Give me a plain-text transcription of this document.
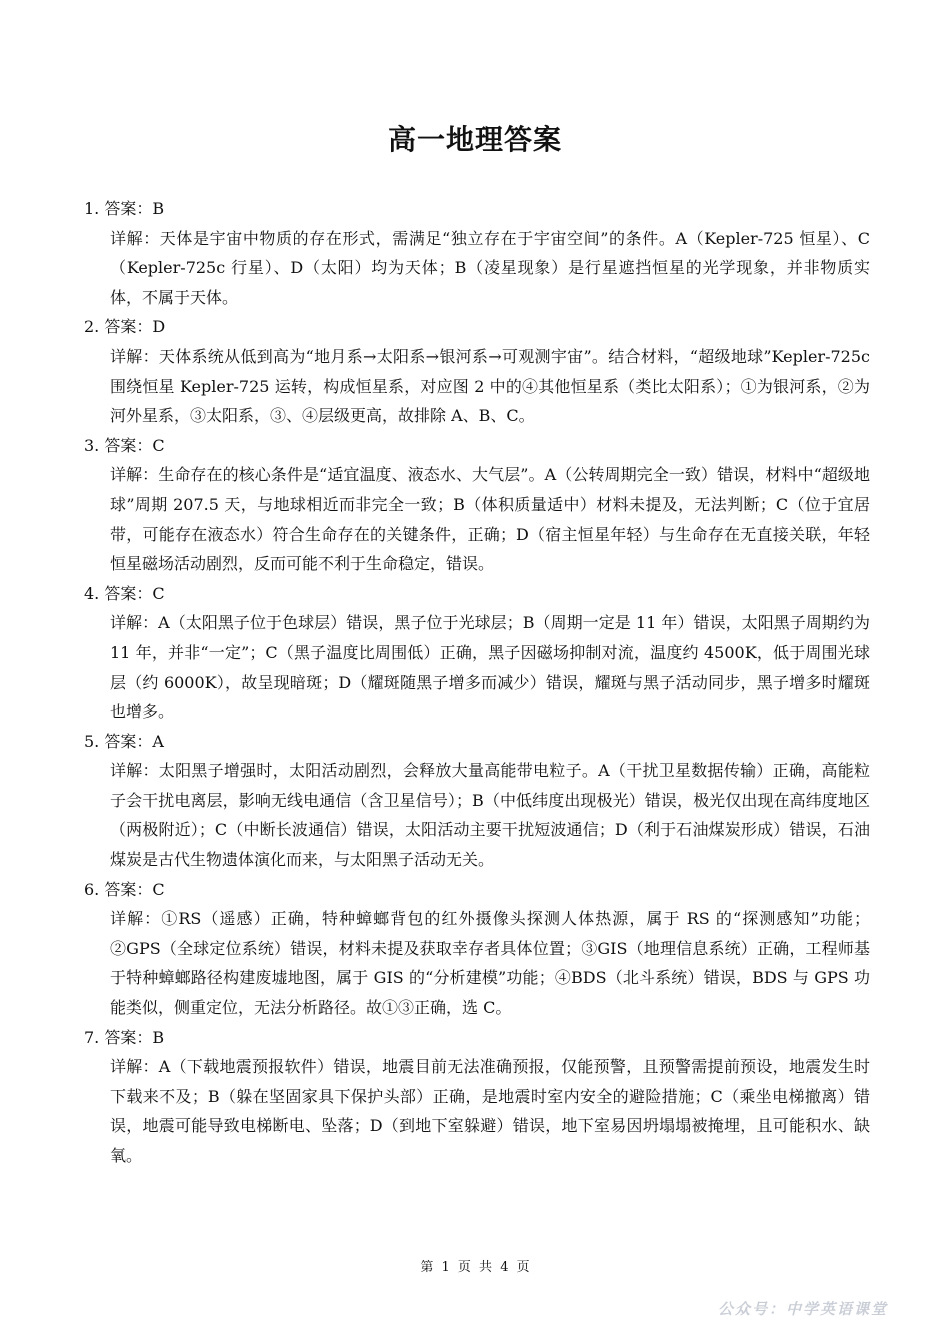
高一地理答案
1. 答案：B
详解：天体是宇宙中物质的存在形式，需满足“独立存在于宇宙空间”的条件。A（Kepler-725 恒星）、C（Kepler-725c 行星）、D（太阳）均为天体；B（凌星现象）是行星遮挡恒星的光学现象，并非物质实体，不属于天体。
2. 答案：D
详解：天体系统从低到高为“地月系→太阳系→银河系→可观测宇宙”。结合材料，“超级地球”Kepler-725c 围绕恒星 Kepler-725 运转，构成恒星系，对应图 2 中的④其他恒星系（类比太阳系）；①为银河系，②为河外星系，③太阳系，③、④层级更高，故排除 A、B、C。
3. 答案：C
详解：生命存在的核心条件是“适宜温度、液态水、大气层”。A（公转周期完全一致）错误，材料中“超级地球”周期 207.5 天，与地球相近而非完全一致；B（体积质量适中）材料未提及，无法判断；C（位于宜居带，可能存在液态水）符合生命存在的关键条件，正确；D（宿主恒星年轻）与生命存在无直接关联，年轻恒星磁场活动剧烈，反而可能不利于生命稳定，错误。
4. 答案：C
详解：A（太阳黑子位于色球层）错误，黑子位于光球层；B（周期一定是 11 年）错误，太阳黑子周期约为 11 年，并非“一定”；C（黑子温度比周围低）正确，黑子因磁场抑制对流，温度约 4500K，低于周围光球层（约 6000K），故呈现暗斑；D（耀斑随黑子增多而减少）错误，耀斑与黑子活动同步，黑子增多时耀斑也增多。
5. 答案：A
详解：太阳黑子增强时，太阳活动剧烈，会释放大量高能带电粒子。A（干扰卫星数据传输）正确，高能粒子会干扰电离层，影响无线电通信（含卫星信号）；B（中低纬度出现极光）错误，极光仅出现在高纬度地区（两极附近）；C（中断长波通信）错误，太阳活动主要干扰短波通信；D（利于石油煤炭形成）错误，石油煤炭是古代生物遗体演化而来，与太阳黑子活动无关。
6. 答案：C
详解：①RS（遥感）正确，特种蟑螂背包的红外摄像头探测人体热源，属于 RS 的“探测感知”功能；②GPS（全球定位系统）错误，材料未提及获取幸存者具体位置；③GIS（地理信息系统）正确，工程师基于特种蟑螂路径构建废墟地图，属于 GIS 的“分析建模”功能；④BDS（北斗系统）错误，BDS 与 GPS 功能类似，侧重定位，无法分析路径。故①③正确，选 C。
7. 答案：B
详解：A（下载地震预报软件）错误，地震目前无法准确预报，仅能预警，且预警需提前预设，地震发生时下载来不及；B（躲在坚固家具下保护头部）正确，是地震时室内安全的避险措施；C（乘坐电梯撤离）错误，地震可能导致电梯断电、坠落；D（到地下室躲避）错误，地下室易因坍塌塌被掩埋，且可能积水、缺氧。
第 1 页 共 4 页
公众号：中学英语课堂
